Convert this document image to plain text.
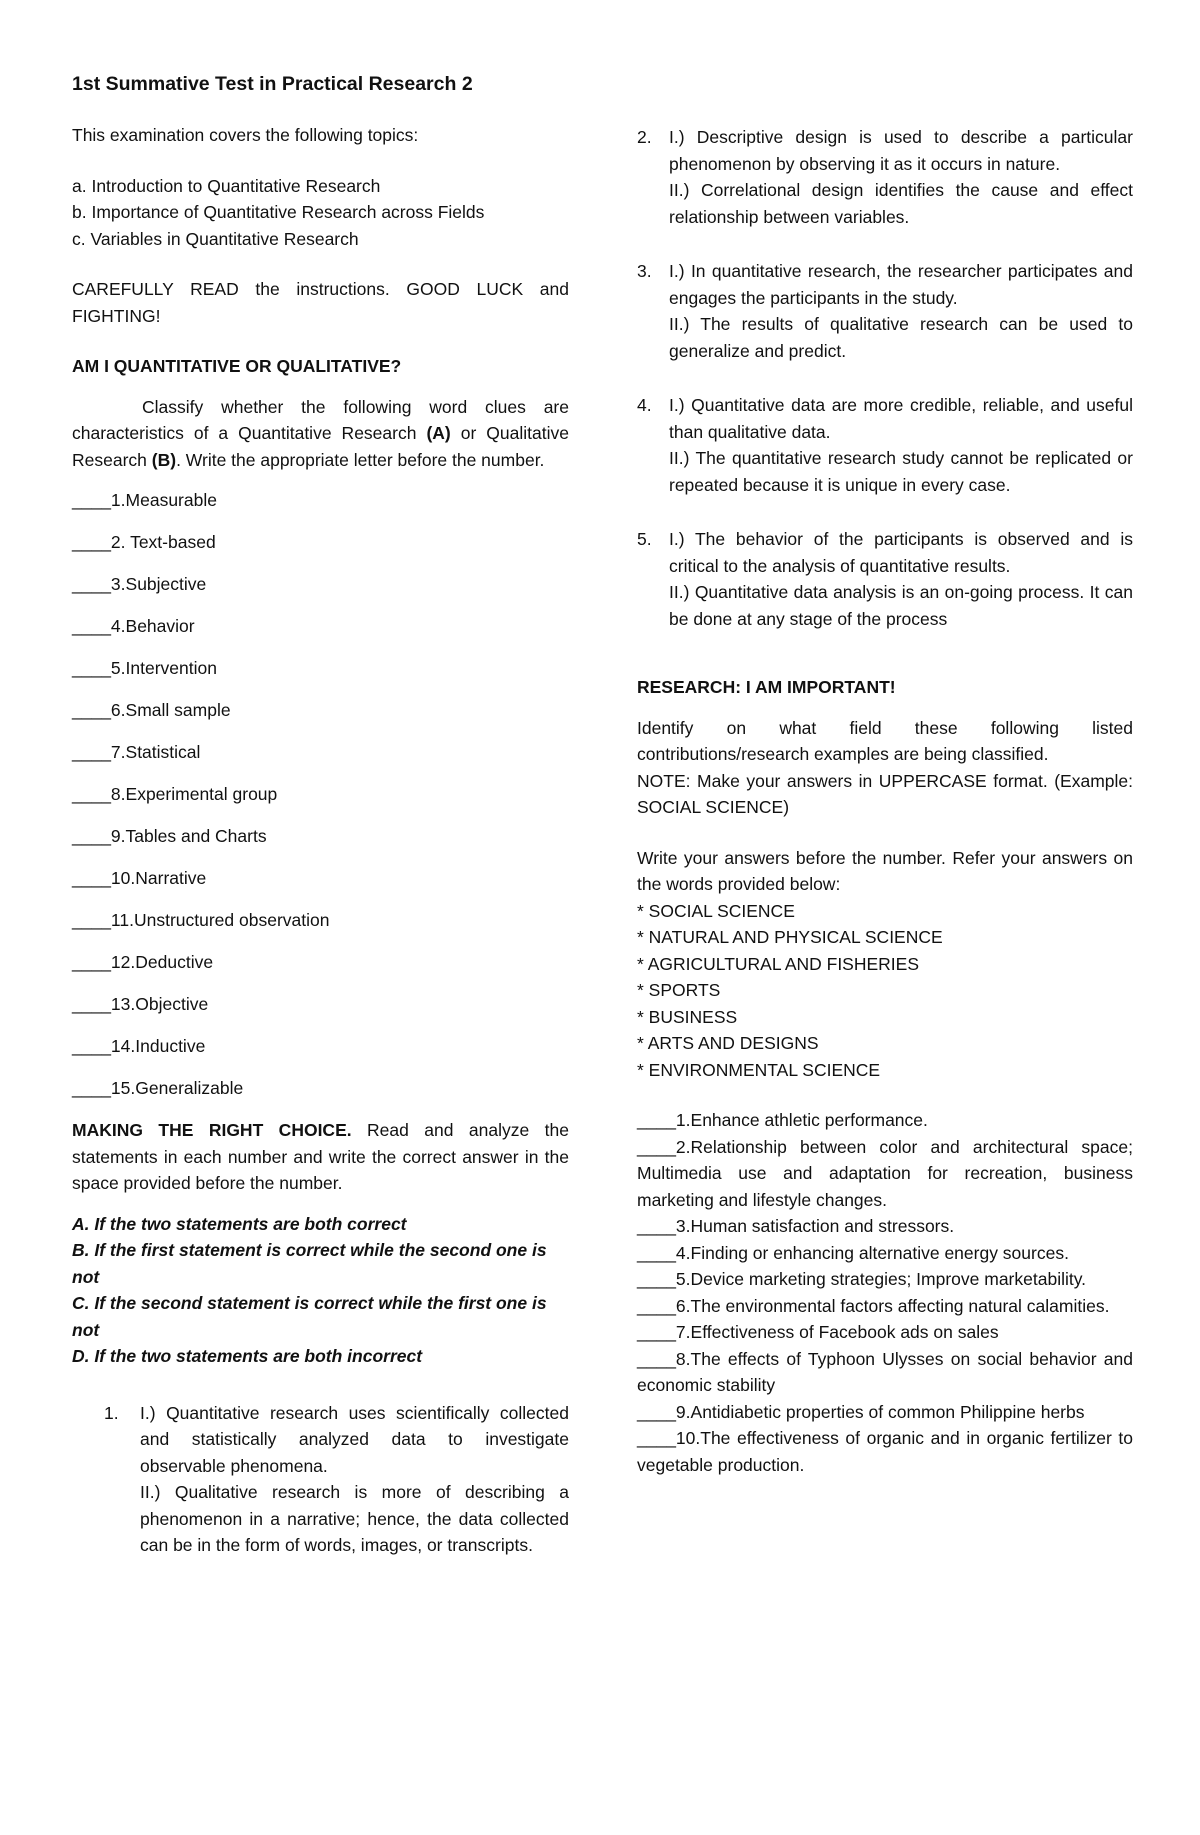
1st Summative Test in Practical Research 2

This examination covers the following topics:

a. Introduction to Quantitative Research

b. Importance of Quantitative Research across Fields

c. Variables in Quantitative Research

CAREFULLY READ the instructions. GOOD LUCK and FIGHTING!

AM I QUANTITATIVE OR QUALITATIVE?

Classify whether the following word clues are characteristics of a Quantitative Research (A) or Qualitative Research (B). Write the appropriate letter before the number.

____1.Measurable

____2. Text-based

____3.Subjective

____4.Behavior

____5.Intervention

____6.Small sample

____7.Statistical

____8.Experimental group

____9.Tables and Charts

____10.Narrative

____11.Unstructured observation

____12.Deductive

____13.Objective

____14.Inductive

____15.Generalizable

MAKING THE RIGHT CHOICE. Read and analyze the statements in each number and write the correct answer in the space provided before the number.

A. If the two statements are both correct

B. If the first statement is correct while the second one is not

C. If the second statement is correct while the first one is not

D. If the two statements are both incorrect

1.	I.) Quantitative research uses scientifically collected and statistically analyzed data to investigate observable phenomena.

II.) Qualitative research is more of describing a phenomenon in a narrative; hence, the data collected can be in the form of words, images, or transcripts.

2. I.) Descriptive design is used to describe a particular phenomenon by observing it as it occurs in nature.

II.) Correlational design identifies the cause and effect relationship between variables.

3. I.) In quantitative research, the researcher participates and engages the participants in the study.

II.) The results of qualitative research can be used to generalize and predict.

4. I.) Quantitative data are more credible, reliable, and useful than qualitative data.

II.) The quantitative research study cannot be replicated or repeated because it is unique in every case.

5. I.) The behavior of the participants is observed and is critical to the analysis of quantitative results.

II.) Quantitative data analysis is an on-going process. It can be done at any stage of the process

RESEARCH: I AM IMPORTANT!

Identify on what field these following listed contributions/research examples are being classified.

NOTE: Make your answers in UPPERCASE format. (Example: SOCIAL SCIENCE)

Write your answers before the number. Refer your answers on the words provided below:

* SOCIAL SCIENCE

* NATURAL AND PHYSICAL SCIENCE

* AGRICULTURAL AND FISHERIES

* SPORTS

* BUSINESS

* ARTS AND DESIGNS

* ENVIRONMENTAL SCIENCE

____1.Enhance athletic performance.

____2.Relationship between color and architectural space; Multimedia use and adaptation for recreation, business marketing and lifestyle changes.

____3.Human satisfaction and stressors.

____4.Finding or enhancing alternative energy sources.

____5.Device marketing strategies; Improve marketability.

____6.The environmental factors affecting natural calamities.

____7.Effectiveness of Facebook ads on sales

____8.The effects of Typhoon Ulysses on social behavior and economic stability

____9.Antidiabetic properties of common Philippine herbs

____10.The effectiveness of organic and in organic fertilizer to vegetable production.
